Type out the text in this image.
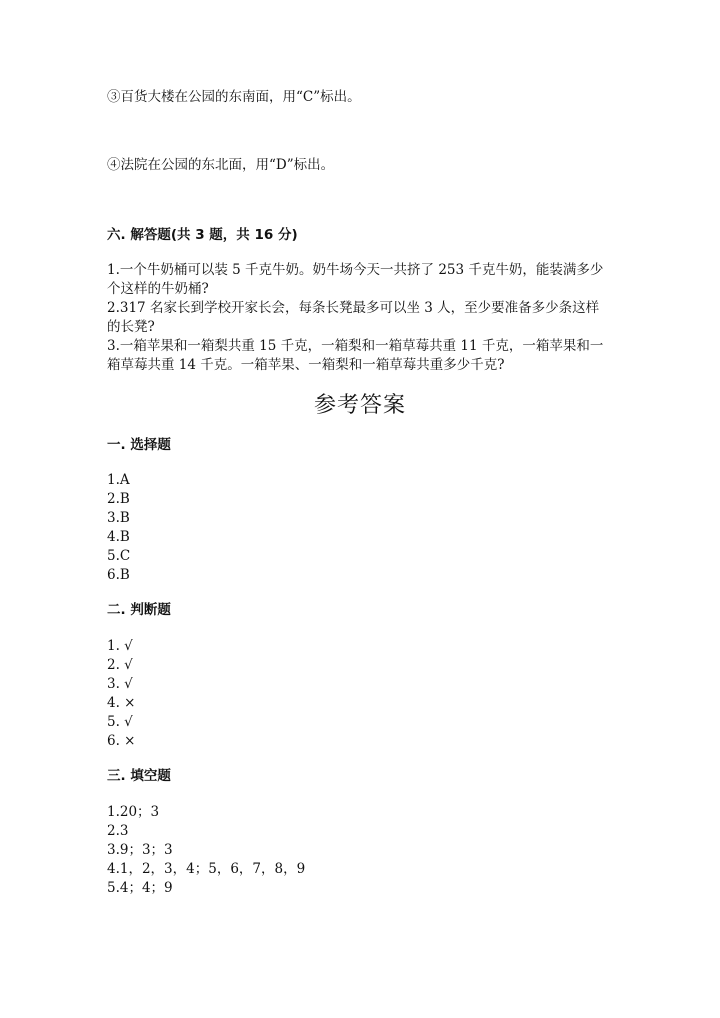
③百货大楼在公园的东南面，用“C”标出。
④法院在公园的东北面，用“D”标出。
六. 解答题(共 3 题，共 16 分)
1.一个牛奶桶可以装 5 千克牛奶。奶牛场今天一共挤了 253 千克牛奶，能装满多少个这样的牛奶桶?
2.317 名家长到学校开家长会，每条长凳最多可以坐 3 人，至少要准备多少条这样的长凳?
3.一箱苹果和一箱梨共重 15 千克，一箱梨和一箱草莓共重 11 千克，一箱苹果和一箱草莓共重 14 千克。一箱苹果、一箱梨和一箱草莓共重多少千克?
参考答案
一. 选择题
1.A
2.B
3.B
4.B
5.C
6.B
二. 判断题
1. √
2. √
3. √
4. ×
5. √
6. ×
三. 填空题
1.20；3
2.3
3.9；3；3
4.1，2，3，4；5，6，7，8，9
5.4；4；9
